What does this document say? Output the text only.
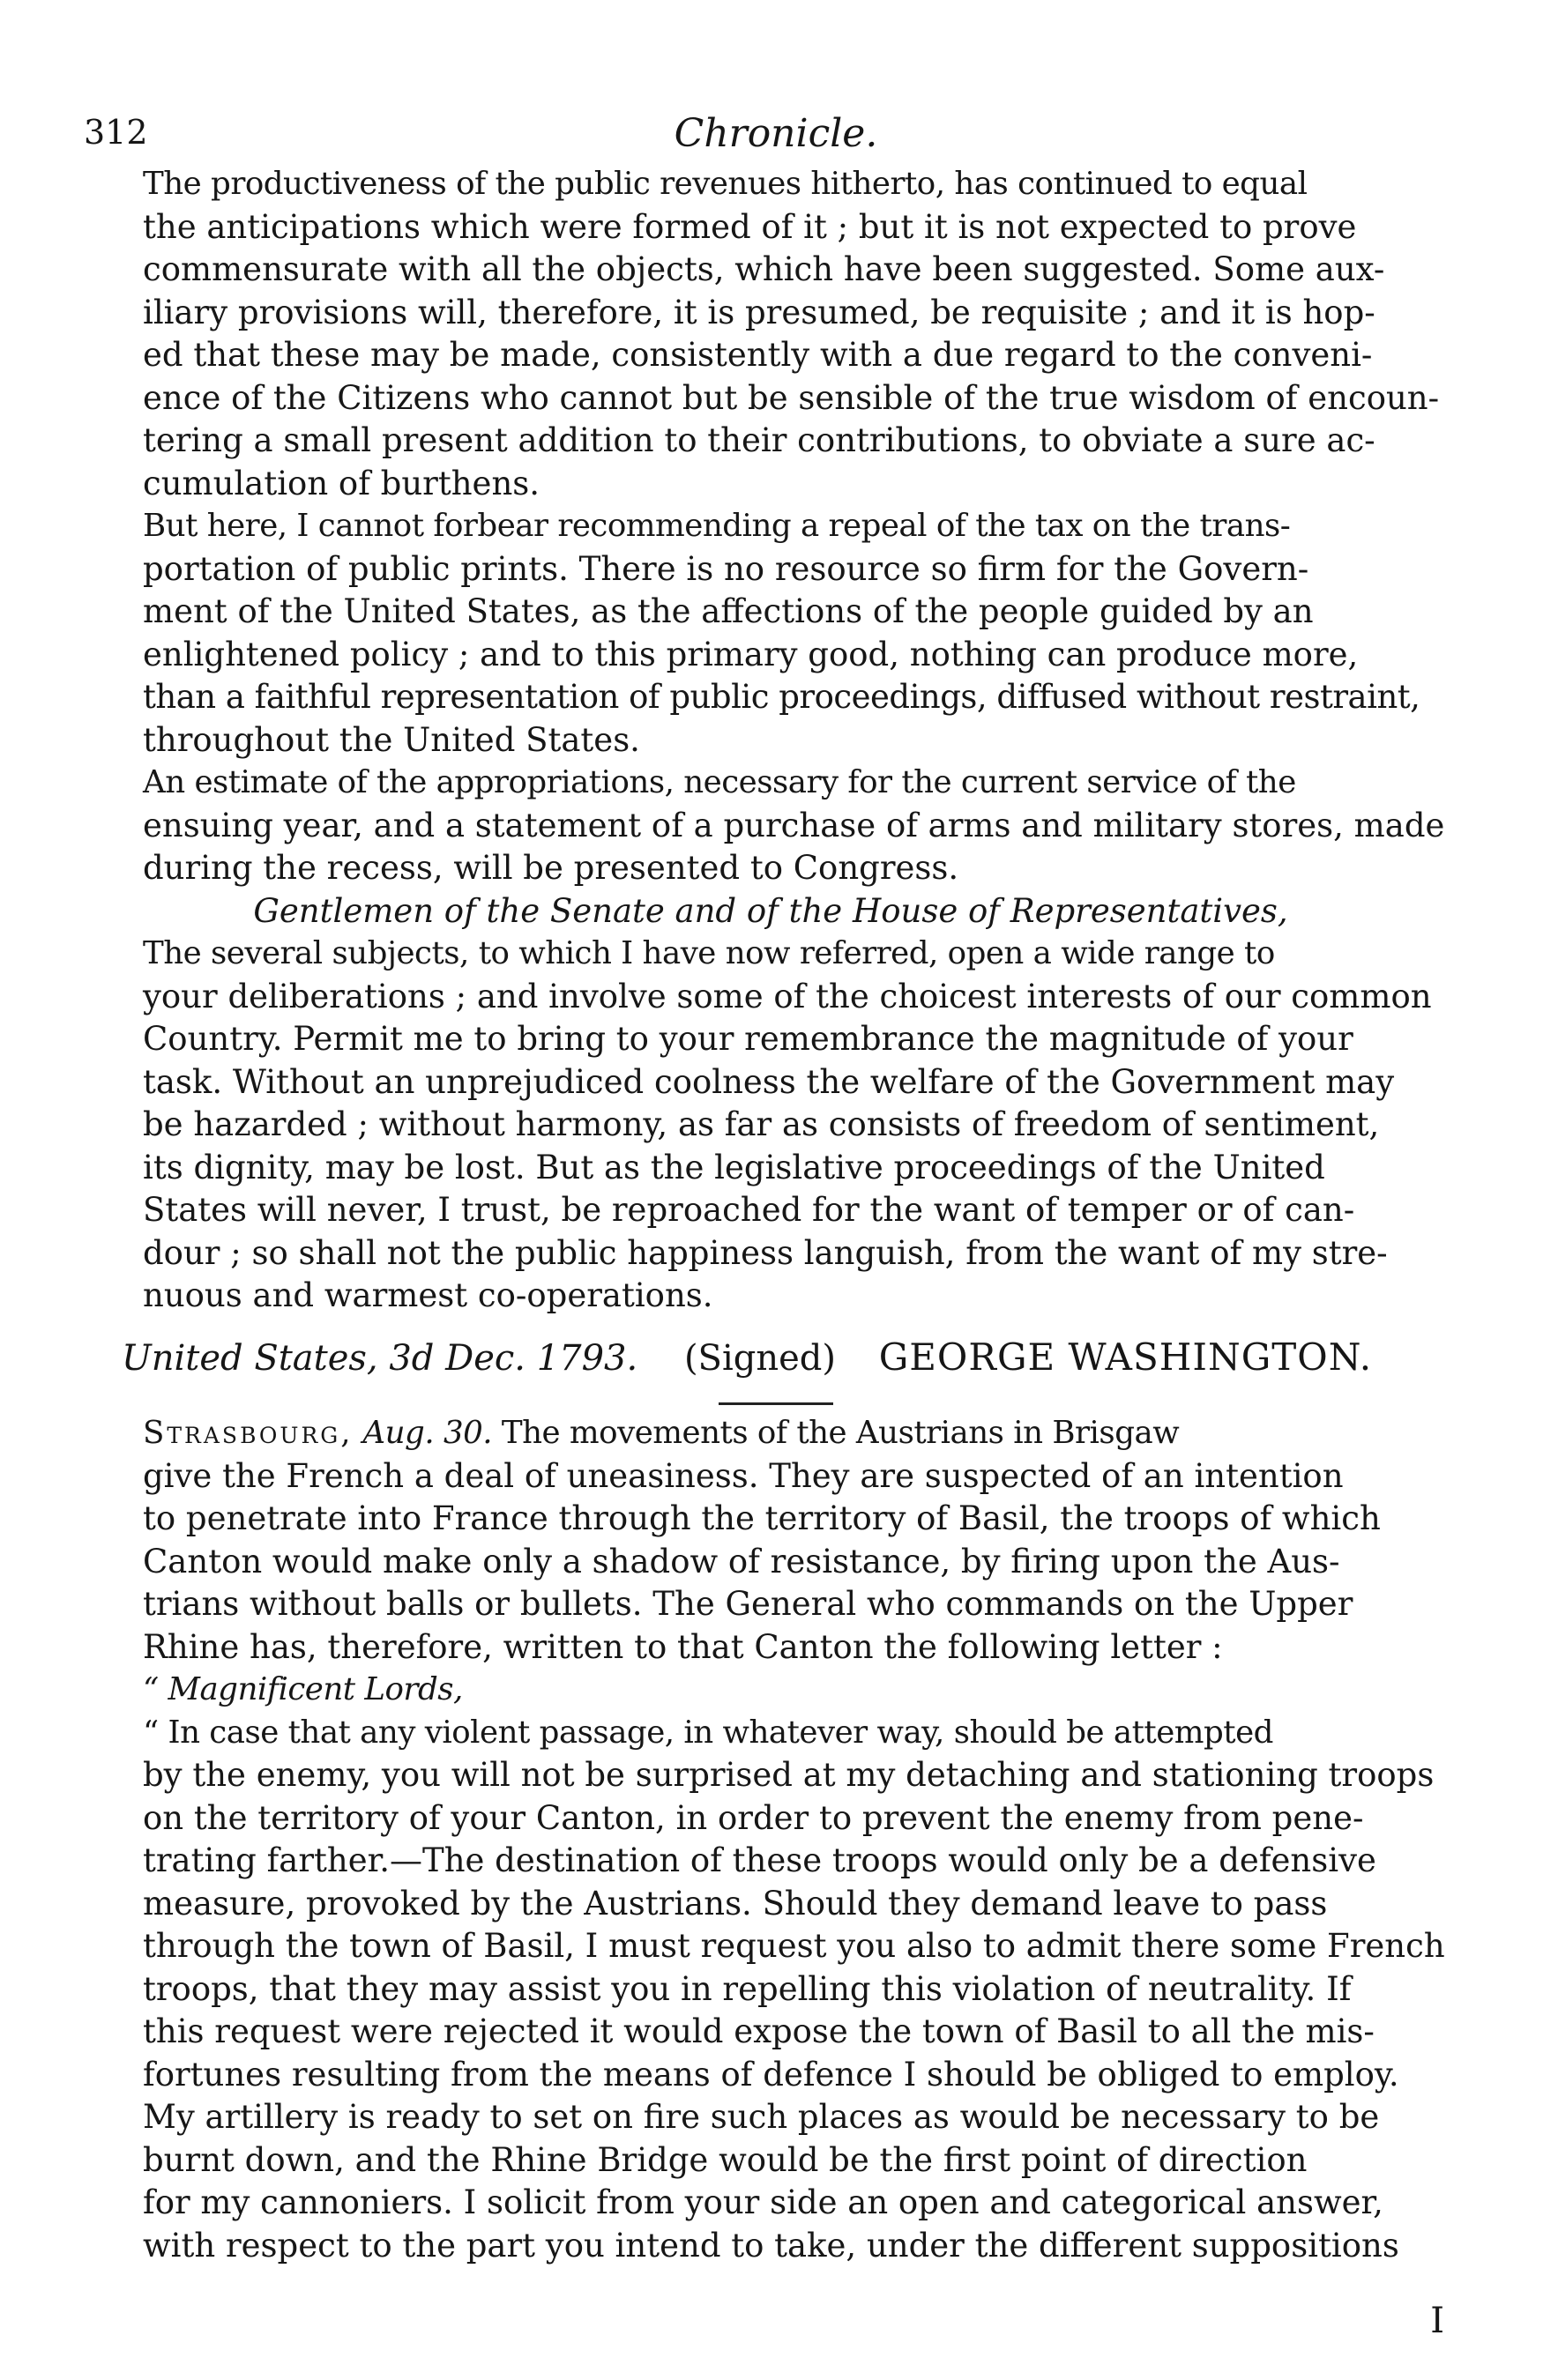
312	Chronicle.

The productiveness of the public revenues hitherto, has continued to equal
the anticipations which were formed of it ; but it is not expected to prove
commensurate with all the objects, which have been suggested. Some aux-
iliary provisions will, therefore, it is presumed, be requisite ; and it is hop-
ed that these may be made, consistently with a due regard to the conveni-
ence of the Citizens who cannot but be sensible of the true wisdom of encoun-
tering a small present addition to their contributions, to obviate a sure ac-
cumulation of burthens.

But here, I cannot forbear recommending a repeal of the tax on the trans-
portation of public prints. There is no resource so firm for the Govern-
ment of the United States, as the affections of the people guided by an
enlightened policy ; and to this primary good, nothing can produce more,
than a faithful representation of public proceedings, diffused without restraint,
throughout the United States.

An estimate of the appropriations, necessary for the current service of the
ensuing year, and a statement of a purchase of arms and military stores, made
during the recess, will be presented to Congress.

Gentlemen of the Senate and of the House of Representatives,

The several subjects, to which I have now referred, open a wide range to
your deliberations ; and involve some of the choicest interests of our common
Country. Permit me to bring to your remembrance the magnitude of your
task. Without an unprejudiced coolness the welfare of the Government may
be hazarded ; without harmony, as far as consists of freedom of sentiment,
its dignity, may be lost. But as the legislative proceedings of the United
States will never, I trust, be reproached for the want of temper or of can-
dour ; so shall not the public happiness languish, from the want of my stre-
nuous and warmest co-operations.

United States, 3d Dec. 1793. (Signed) GEORGE WASHINGTON.

Strasbourg, Aug. 30. The movements of the Austrians in Brisgaw
give the French a deal of uneasiness. They are suspected of an intention
to penetrate into France through the territory of Basil, the troops of which
Canton would make only a shadow of resistance, by firing upon the Aus-
trians without balls or bullets. The General who commands on the Upper
Rhine has, therefore, written to that Canton the following letter :

“ Magnificent Lords,

“ In case that any violent passage, in whatever way, should be attempted
by the enemy, you will not be surprised at my detaching and stationing troops
on the territory of your Canton, in order to prevent the enemy from pene-
trating farther.—The destination of these troops would only be a defensive
measure, provoked by the Austrians. Should they demand leave to pass
through the town of Basil, I must request you also to admit there some French
troops, that they may assist you in repelling this violation of neutrality. If
this request were rejected it would expose the town of Basil to all the mis-
fortunes resulting from the means of defence I should be obliged to employ.
My artillery is ready to set on fire such places as would be necessary to be
burnt down, and the Rhine Bridge would be the first point of direction
for my cannoniers. I solicit from your side an open and categorical answer,
with respect to the part you intend to take, under the different suppositions

I
